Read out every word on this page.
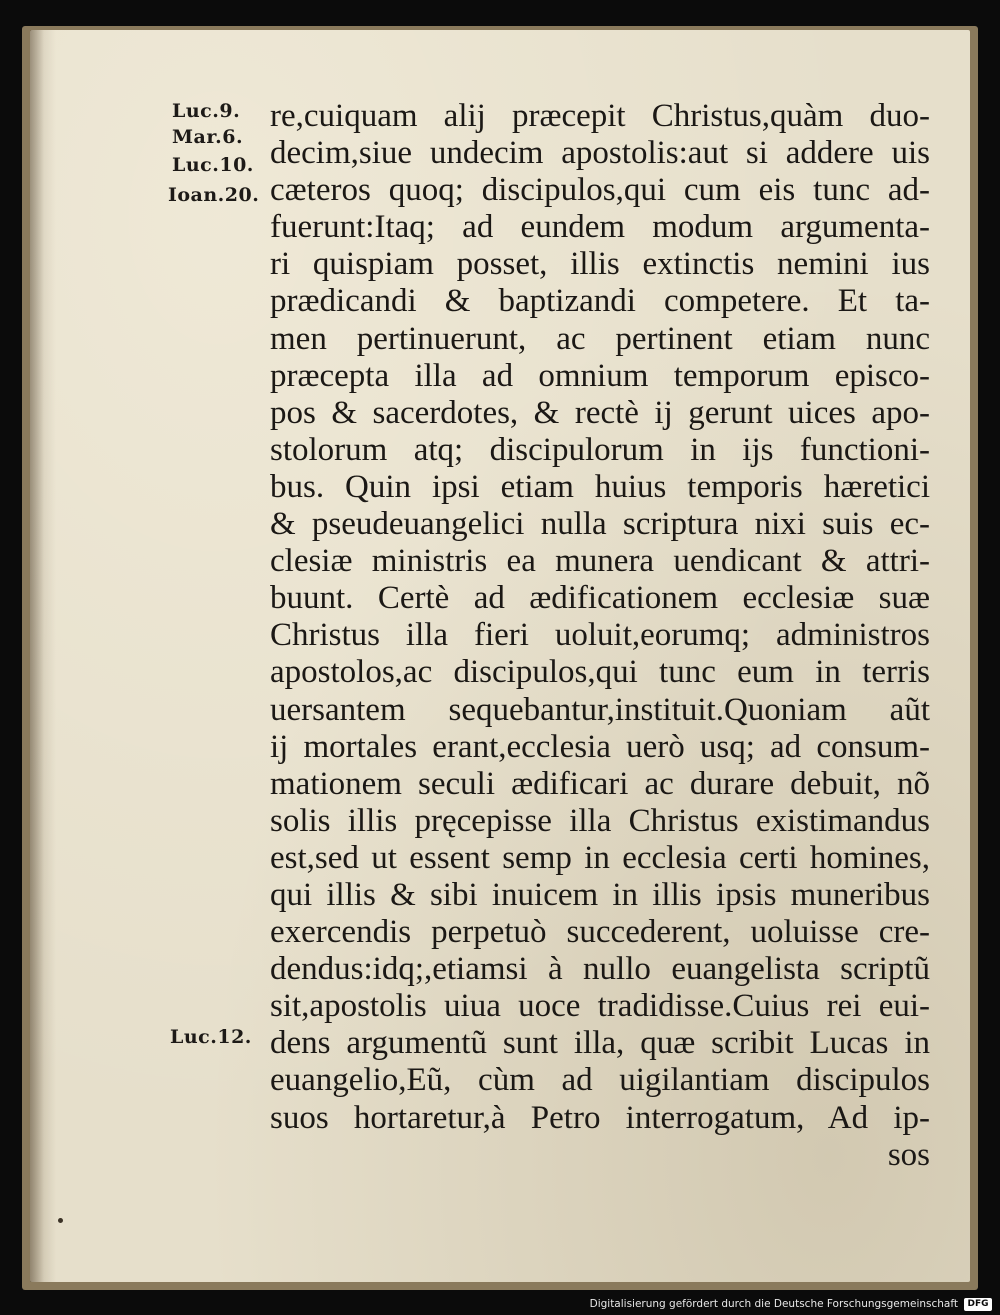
Luc.9.
Mar.6.
Luc.10.
Ioan.20.
Luc.12.
re,cuiquam alij præcepit Christus,quàm duo-
decim,siue undecim apostolis:aut si addere uis
cæteros quoq; discipulos,qui cum eis tunc ad-
fuerunt:Itaq; ad eundem modum argumenta-
ri quispiam posset, illis extinctis nemini ius
prædicandi & baptizandi competere. Et ta-
men pertinuerunt, ac pertinent etiam nunc
præcepta illa ad omnium temporum episco-
pos & sacerdotes, & rectè ij gerunt uices apo-
stolorum atq; discipulorum in ijs functioni-
bus. Quin ipsi etiam huius temporis hæretici
& pseudeuangelici nulla scriptura nixi suis ec-
clesiæ ministris ea munera uendicant & attri-
buunt. Certè ad ædificationem ecclesiæ suæ
Christus illa fieri uoluit,eorumq; administros
apostolos,ac discipulos,qui tunc eum in terris
uersantem sequebantur,instituit.Quoniam aũt
ij mortales erant,ecclesia uerò usq; ad consum-
mationem seculi ædificari ac durare debuit, nõ
solis illis pręcepisse illa Christus existimandus
est,sed ut essent semp in ecclesia certi homines,
qui illis & sibi inuicem in illis ipsis muneribus
exercendis perpetuò succederent, uoluisse cre-
dendus:idq;,etiamsi à nullo euangelista scriptũ
sit,apostolis uiua uoce tradidisse.Cuius rei eui-
dens argumentũ sunt illa, quæ scribit Lucas in
euangelio,Eũ, cùm ad uigilantiam discipulos
suos hortaretur,à Petro interrogatum, Ad ip-
sos
Digitalisierung gefördert durch die Deutsche Forschungsgemeinschaft	DFG
